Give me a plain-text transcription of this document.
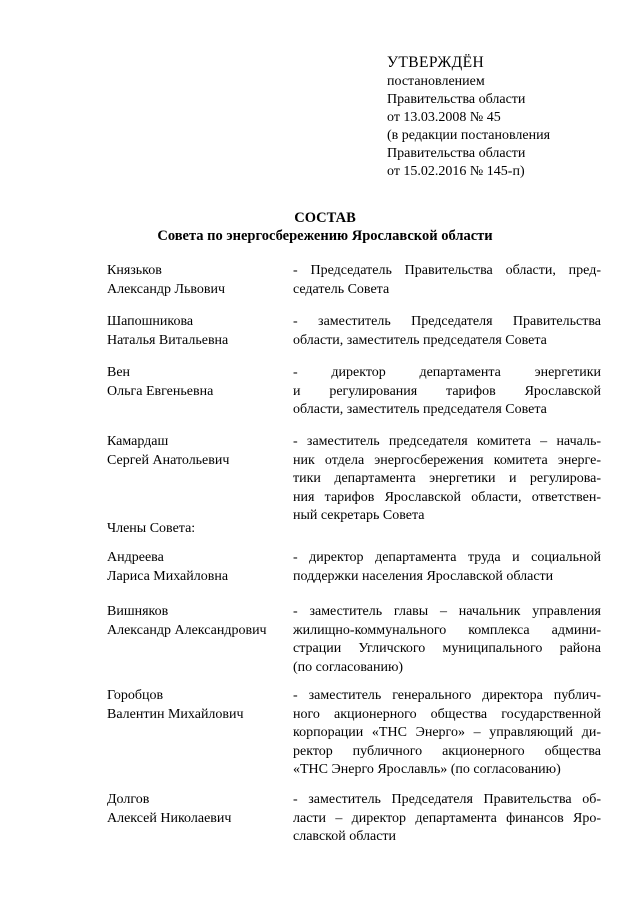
УТВЕРЖДЁН
постановлением
Правительства области
от 13.03.2008 № 45
(в редакции постановления
Правительства области
от 15.02.2016 № 145-п)
СОСТАВ
Совета по энергосбережению Ярославской области
Князьков
Александр Львович
- Председатель Правительства области, пред-
седатель Совета
Шапошникова
Наталья Витальевна
- заместитель Председателя Правительства
области, заместитель председателя Совета
Вен
Ольга Евгеньевна
- директор департамента энергетики
и регулирования тарифов Ярославской
области, заместитель председателя Совета
Камардаш
Сергей Анатольевич
- заместитель председателя комитета – началь-
ник отдела энергосбережения комитета энерге-
тики департамента энергетики и регулирова-
ния тарифов Ярославской области, ответствен-
ный секретарь Совета
Члены Совета:
Андреева
Лариса Михайловна
- директор департамента труда и социальной
поддержки населения Ярославской области
Вишняков
Александр Александрович
- заместитель главы – начальник управления
жилищно-коммунального комплекса админи-
страции Угличского муниципального района
(по согласованию)
Горобцов
Валентин Михайлович
- заместитель генерального директора публич-
ного акционерного общества государственной
корпорации «ТНС Энерго» – управляющий ди-
ректор публичного акционерного общества
«ТНС Энерго Ярославль» (по согласованию)
Долгов
Алексей Николаевич
- заместитель Председателя Правительства об-
ласти – директор департамента финансов Яро-
славской области
